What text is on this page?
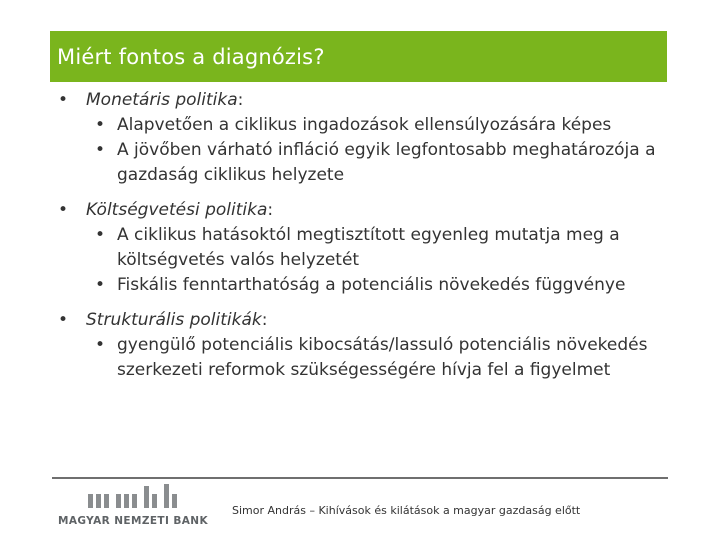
Miért fontos a diagnózis?
• Monetáris politika:
• Alapvetően a ciklikus ingadozások ellensúlyozására képes
• A jövőben várható infláció egyik legfontosabb meghatározója a gazdaság ciklikus helyzete
• Költségvetési politika:
• A ciklikus hatásoktól megtisztított egyenleg mutatja meg a költségvetés valós helyzetét
• Fiskális fenntarthatóság a potenciális növekedés függvénye
• Strukturális politikák:
• gyengülő potenciális kibocsátás/lassuló potenciális növekedés szerkezeti reformok szükségességére hívja fel a figyelmet
MAGYAR NEMZETI BANK
Simor András – Kihívások és kilátások a magyar gazdaság előtt
